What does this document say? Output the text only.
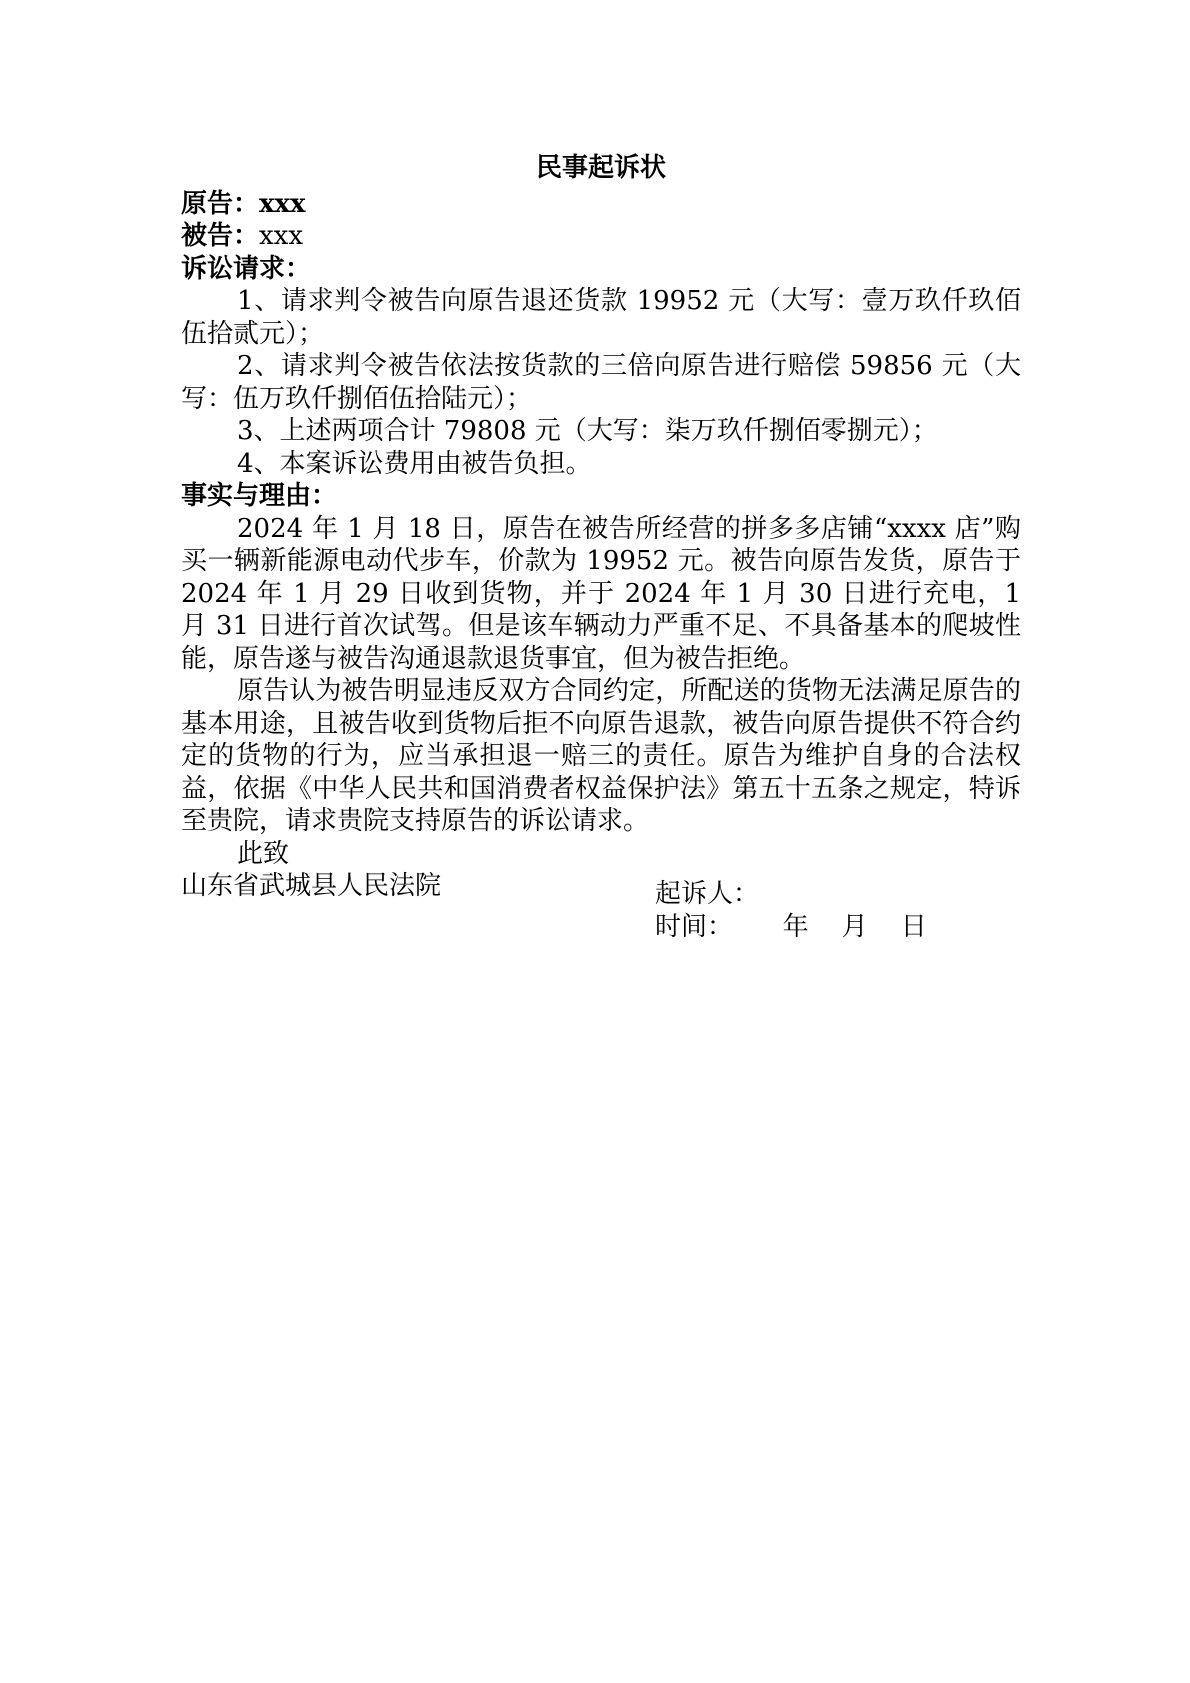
民事起诉状
原告：xxx
被告：xxx
诉讼请求：

1、请求判令被告向原告退还货款 19952 元（大写：壹万玖仟玖佰伍拾贰元）；

2、请求判令被告依法按货款的三倍向原告进行赔偿 59856 元（大写：伍万玖仟捌佰伍拾陆元）；

3、上述两项合计 79808 元（大写：柒万玖仟捌佰零捌元）；

4、本案诉讼费用由被告负担。

事实与理由：

2024 年 1 月 18 日，原告在被告所经营的拼多多店铺“xxxx 店”购买一辆新能源电动代步车，价款为 19952 元。被告向原告发货，原告于 2024 年 1 月 29 日收到货物，并于 2024 年 1 月 30 日进行充电，1 月 31 日进行首次试驾。但是该车辆动力严重不足、不具备基本的爬坡性能，原告遂与被告沟通退款退货事宜，但为被告拒绝。

原告认为被告明显违反双方合同约定，所配送的货物无法满足原告的基本用途，且被告收到货物后拒不向原告退款，被告向原告提供不符合约定的货物的行为，应当承担退一赔三的责任。原告为维护自身的合法权益，依据《中华人民共和国消费者权益保护法》第五十五条之规定，特诉至贵院，请求贵院支持原告的诉讼请求。

此致

山东省武城县人民法院	起诉人：

时间： 年    月    日
